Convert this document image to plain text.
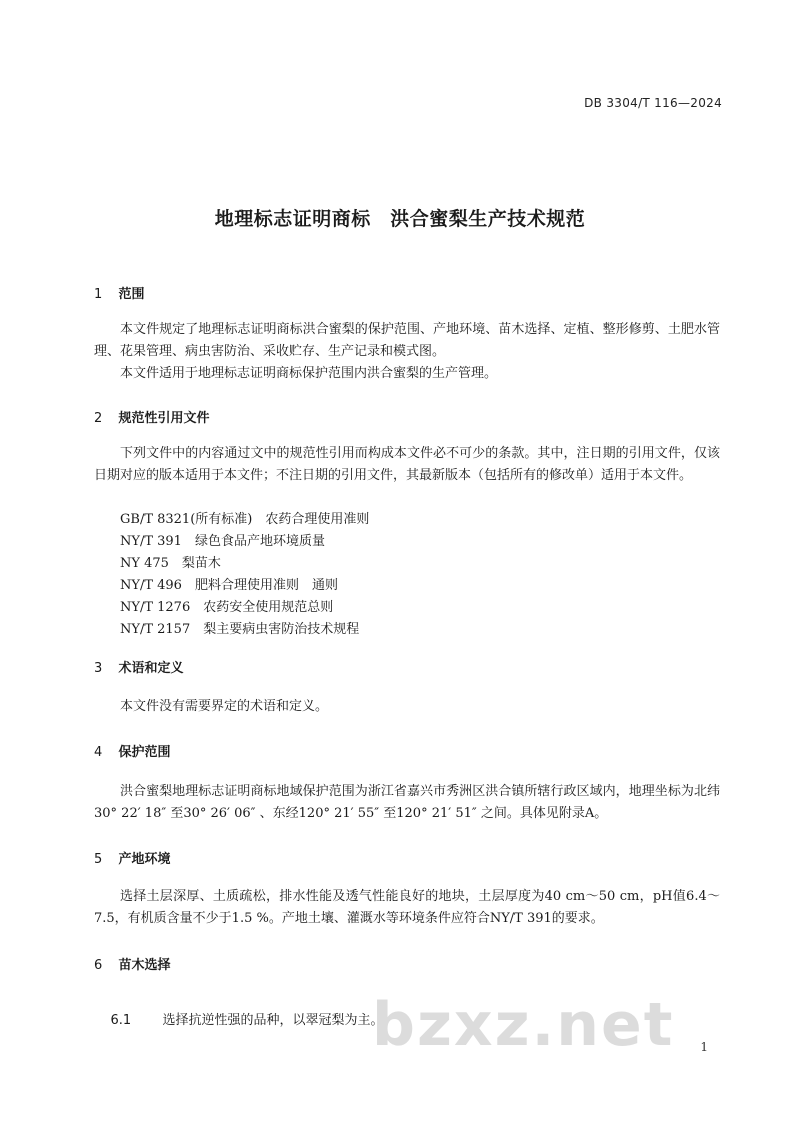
DB 3304/T 116—2024
地理标志证明商标　洪合蜜梨生产技术规范
1 范围

本文件规定了地理标志证明商标洪合蜜梨的保护范围、产地环境、苗木选择、定植、整形修剪、土肥水管理、花果管理、病虫害防治、采收贮存、生产记录和模式图。

本文件适用于地理标志证明商标保护范围内洪合蜜梨的生产管理。

2 规范性引用文件

下列文件中的内容通过文中的规范性引用而构成本文件必不可少的条款。其中，注日期的引用文件，仅该日期对应的版本适用于本文件；不注日期的引用文件，其最新版本（包括所有的修改单）适用于本文件。

GB/T 8321(所有标准)　农药合理使用准则
NY/T 391　绿色食品产地环境质量
NY 475　梨苗木
NY/T 496　肥料合理使用准则　通则
NY/T 1276　农药安全使用规范总则
NY/T 2157　梨主要病虫害防治技术规程
3 术语和定义

本文件没有需要界定的术语和定义。

4 保护范围

洪合蜜梨地理标志证明商标地域保护范围为浙江省嘉兴市秀洲区洪合镇所辖行政区域内，地理坐标为北纬30° 22′ 18″ 至30° 26′ 06″ 、东经120° 21′ 55″ 至120° 21′ 51″ 之间。具体见附录A。

5 产地环境

选择土层深厚、土质疏松，排水性能及透气性能良好的地块，土层厚度为40 cm～50 cm，pH值6.4～7.5，有机质含量不少于1.5 %。产地土壤、灌溉水等环境条件应符合NY/T 391的要求。

6 苗木选择

6.1 选择抗逆性强的品种，以翠冠梨为主。

bzxz.net 1
